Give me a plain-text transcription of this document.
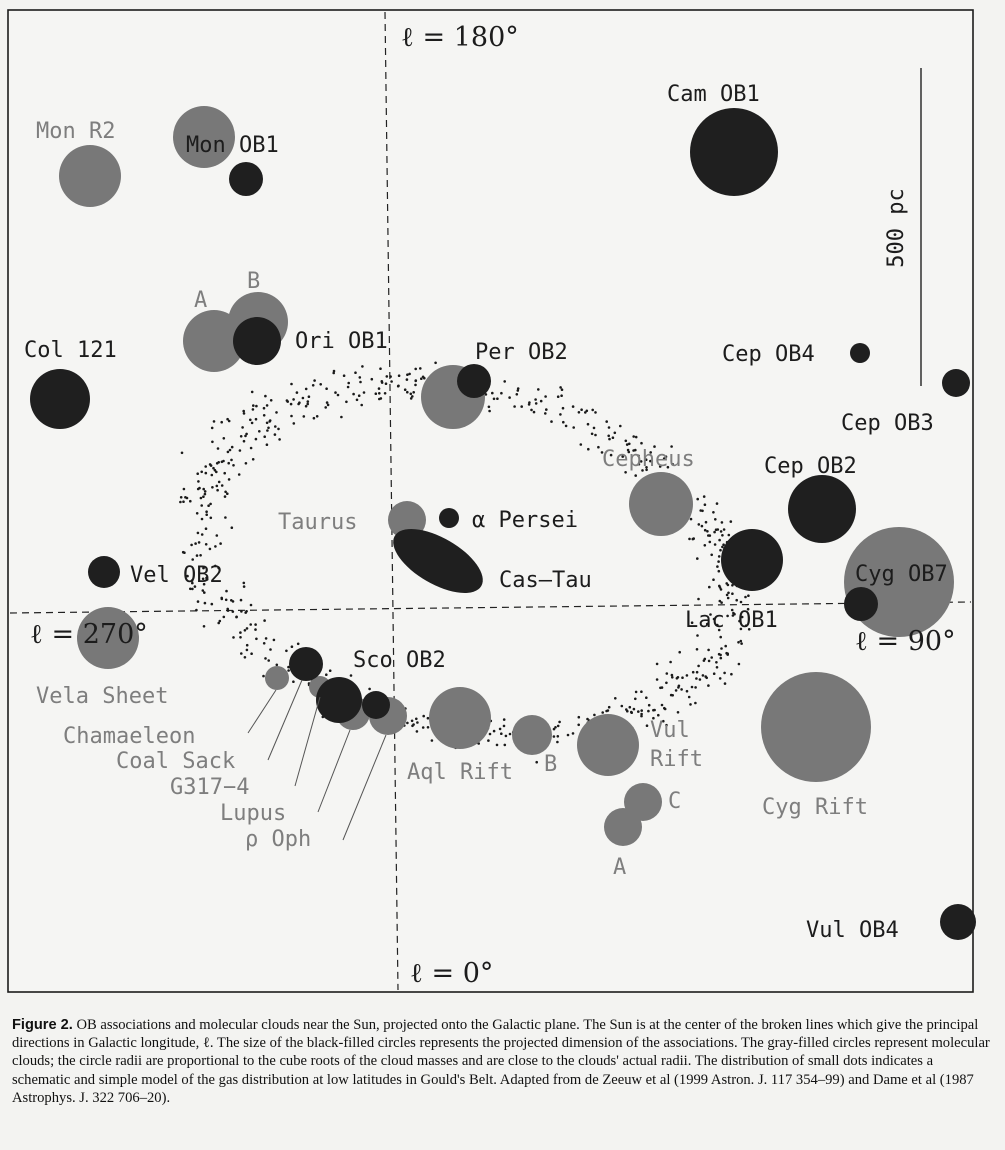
500 pc
ℓ = 180°
ℓ = 0°
ℓ = 270°	ℓ = 90°
Cam OB1
Mon OB1
Ori OB1	Per OB2
Col 121	Cep OB4
Cep OB3
Cep OB2
α Persei
Cas–Tau
Vel OB2
Lac OB1
Cyg OB7
Sco OB2
Vul OB4
Mon R2
A
B
Taurus
Cepheus
Vela Sheet
Chamaeleon
Coal Sack
G317−4
Lupus
ρ Oph
Aql Rift B
Vul
Rift
C
A
Cyg Rift
Figure 2. OB associations and molecular clouds near the Sun, projected onto the Galactic plane. The Sun is at the center of the broken lines which give the principal directions in Galactic longitude, ℓ. The size of the black-filled circles represents the projected dimension of the associations. The gray-filled circles represent molecular clouds; the circle radii are proportional to the cube roots of the cloud masses and are close to the clouds' actual radii. The distribution of small dots indicates a schematic and simple model of the gas distribution at low latitudes in Gould's Belt. Adapted from de Zeeuw et al (1999 Astron. J. 117 354–99) and Dame et al (1987 Astrophys. J. 322 706–20).
